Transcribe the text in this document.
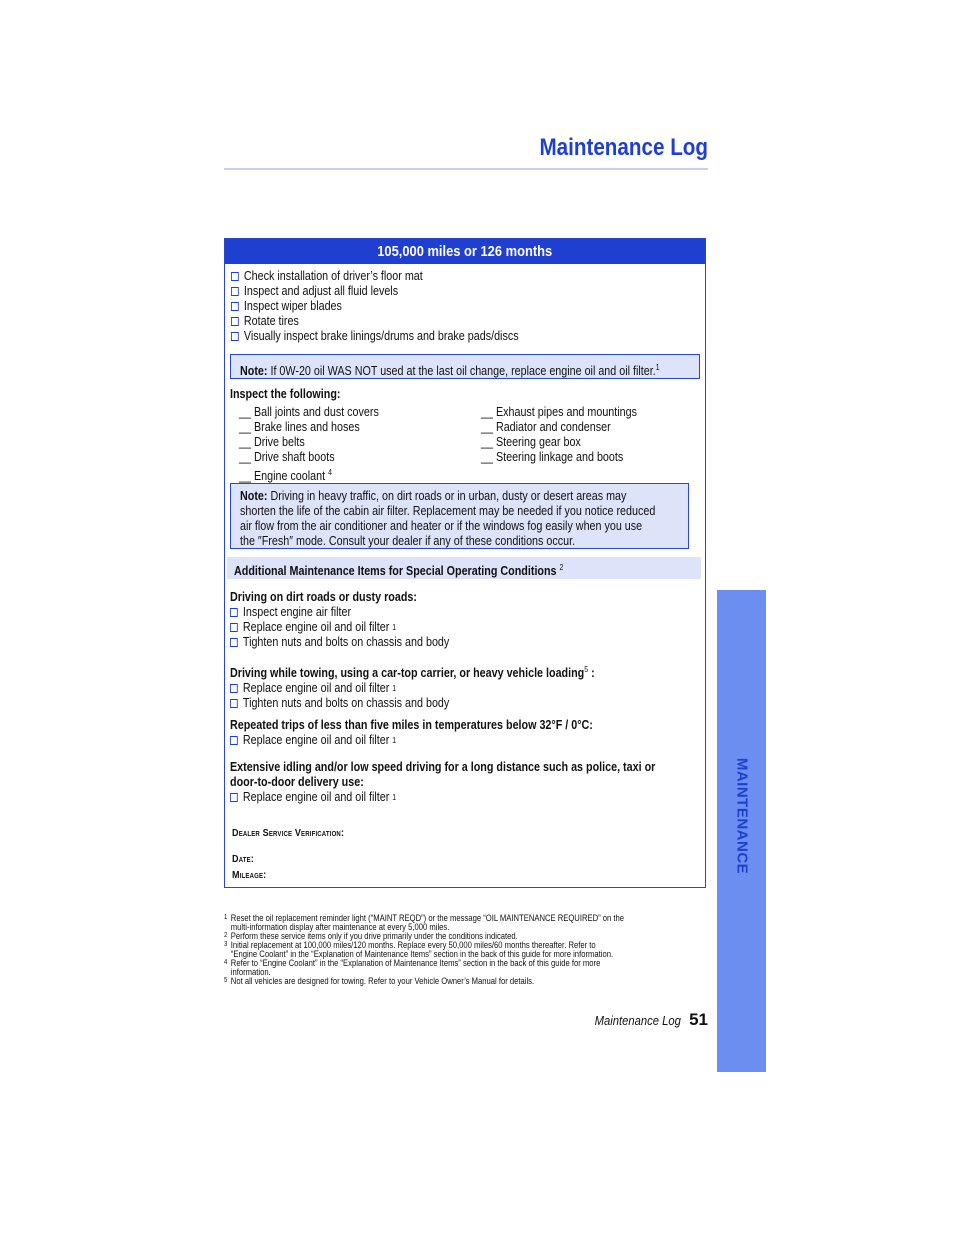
Maintenance Log
105,000 miles or 126 months
Check installation of driver’s floor mat
Inspect and adjust all fluid levels
Inspect wiper blades
Rotate tires
Visually inspect brake linings/drums and brake pads/discs
Note: If 0W-20 oil WAS NOT used at the last oil change, replace engine oil and oil filter.$^1$
Inspect the following:
__ Ball joints and dust covers
__ Brake lines and hoses
__ Drive belts
__ Drive shaft boots
__ Engine coolant $^4$
__ Exhaust pipes and mountings
__ Radiator and condenser
__ Steering gear box
__ Steering linkage and boots
Note: Driving in heavy traffic, on dirt roads or in urban, dusty or desert areas may
shorten the life of the cabin air filter. Replacement may be needed if you notice reduced
air flow from the air conditioner and heater or if the windows fog easily when you use
the ″Fresh″ mode. Consult your dealer if any of these conditions occur.
Additional Maintenance Items for Special Operating Conditions $^2$
Driving on dirt roads or dusty roads:
Inspect engine air filter
Replace engine oil and oil filter
1
Tighten nuts and bolts on chassis and body
Driving while towing, using a car-top carrier, or heavy vehicle loading$^5$ :
Replace engine oil and oil filter
1
Tighten nuts and bolts on chassis and body
Repeated trips of less than five miles in temperatures below 32°F / 0°C:
Replace engine oil and oil filter
1
Extensive idling and/or low speed driving for a long distance such as police, taxi or
door-to-door delivery use:
Replace engine oil and oil filter
1
Dealer Service Verification:
Date:
Mileage:
1 Reset the oil replacement reminder light (“MAINT REQD”) or the message “OIL MAINTENANCE REQUIRED” on the
multi-information display after maintenance at every 5,000 miles.
2 Perform these service items only if you drive primarily under the conditions indicated.
3 Initial replacement at 100,000 miles/120 months. Replace every 50,000 miles/60 months thereafter. Refer to
“Engine Coolant” in the “Explanation of Maintenance Items” section in the back of this guide for more information.
4 Refer to “Engine Coolant” in the “Explanation of Maintenance Items” section in the back of this guide for more
information.
5 Not all vehicles are designed for towing. Refer to your Vehicle Owner’s Manual for details.
Maintenance Log 51
MAINTENANCE
